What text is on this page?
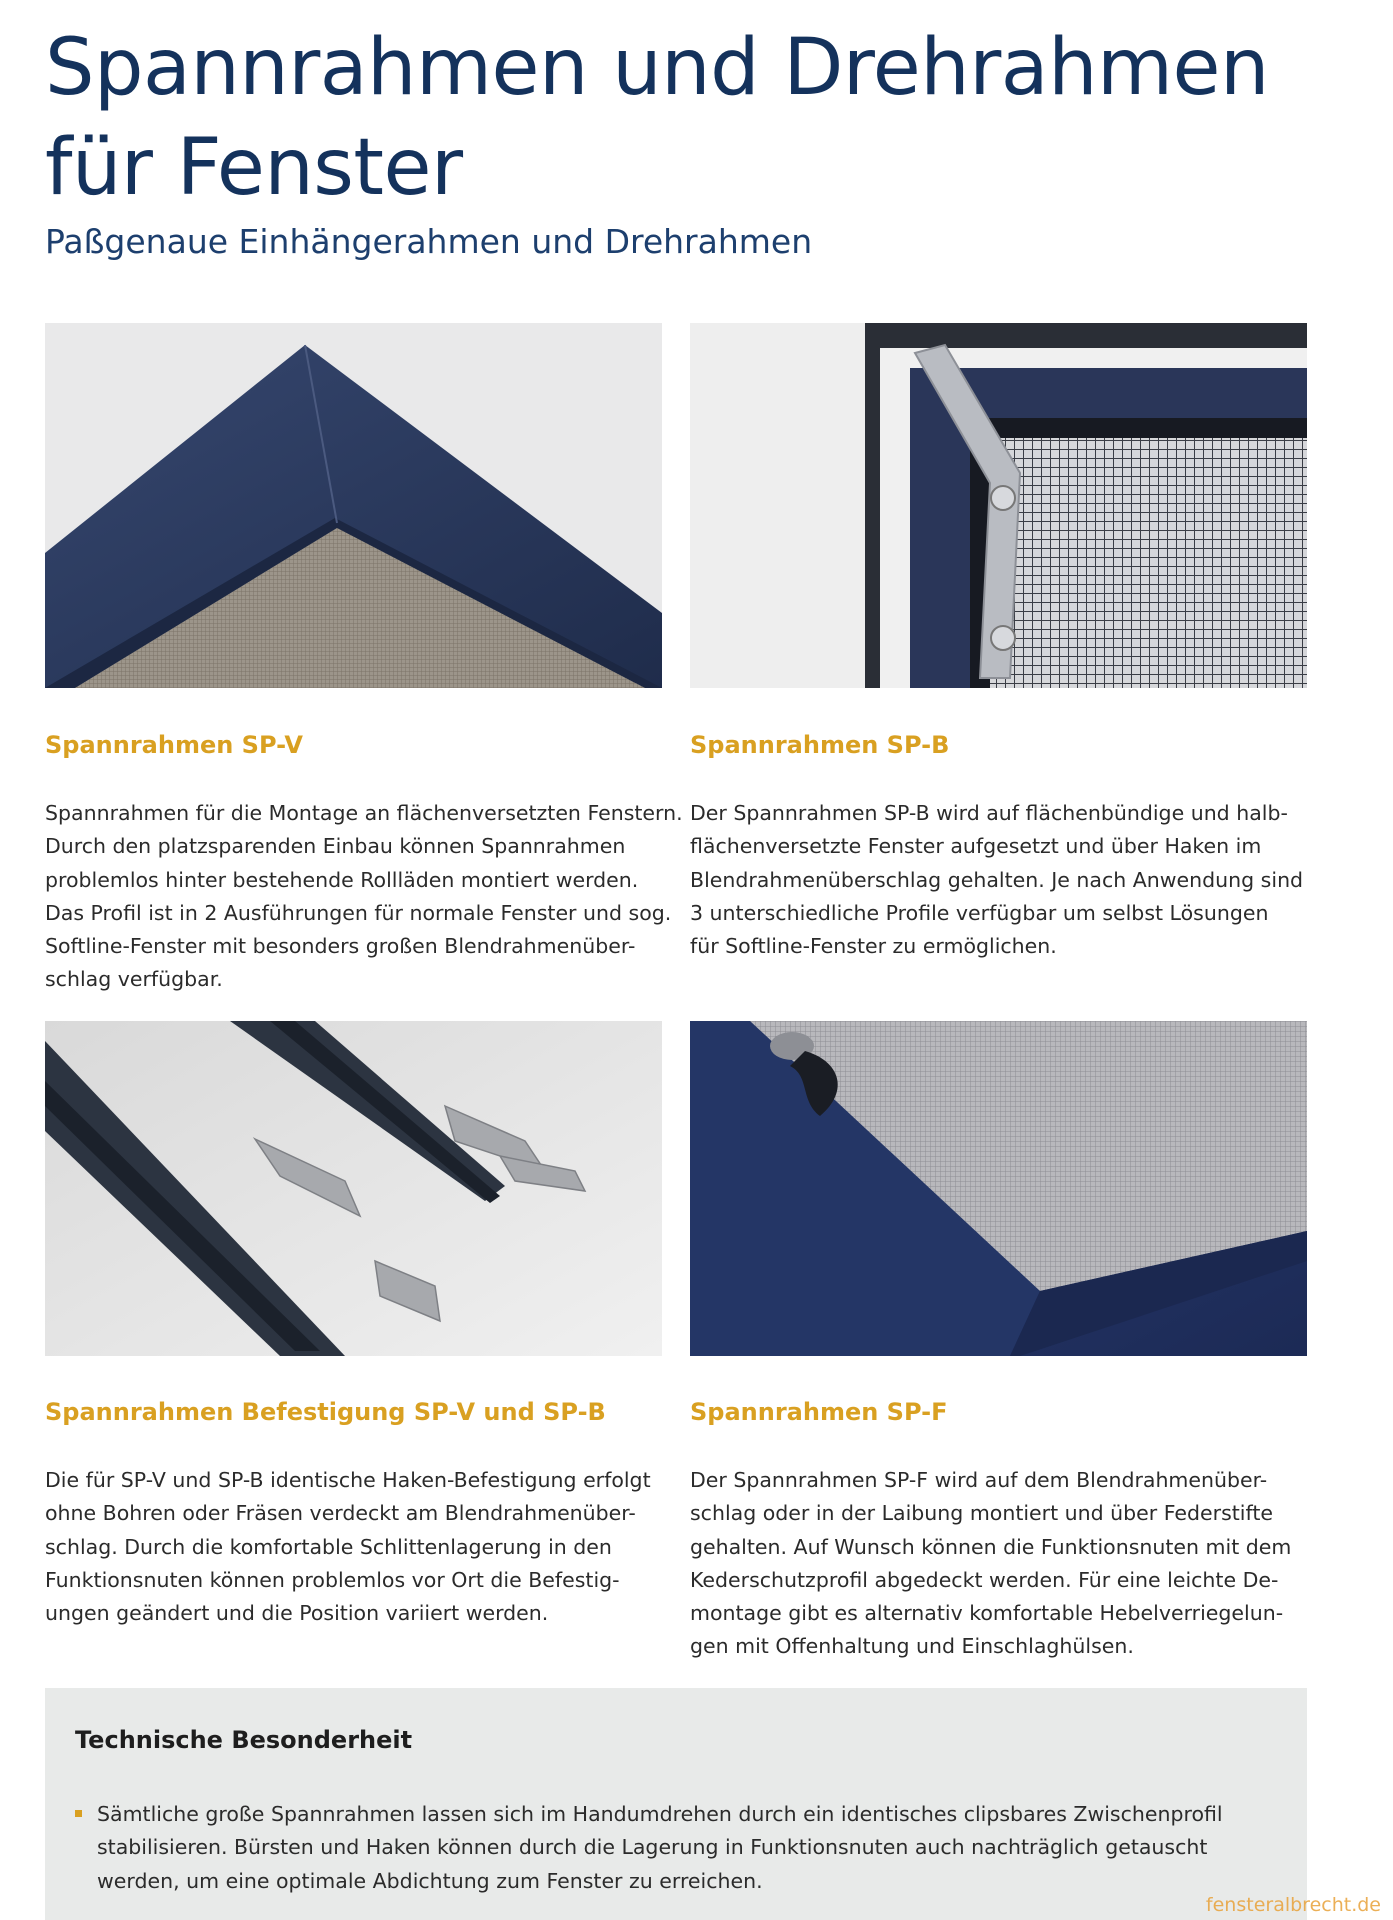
Spannrahmen und Drehrahmen
für Fenster
Paßgenaue Einhängerahmen und Drehrahmen
Spannrahmen SP-V

Spannrahmen für die Montage an flächenversetzten Fenstern.
Durch den platzsparenden Einbau können Spannrahmen
problemlos hinter bestehende Rollläden montiert werden.
Das Profil ist in 2 Ausführungen für normale Fenster und sog.
Softline-Fenster mit besonders großen Blendrahmenüber-
schlag verfügbar.

Spannrahmen SP-B

Der Spannrahmen SP-B wird auf flächenbündige und halb-
flächenversetzte Fenster aufgesetzt und über Haken im
Blendrahmenüberschlag gehalten. Je nach Anwendung sind
3 unterschiedliche Profile verfügbar um selbst Lösungen
für Softline-Fenster zu ermöglichen.

Spannrahmen Befestigung SP-V und SP-B

Die für SP-V und SP-B identische Haken-Befestigung erfolgt
ohne Bohren oder Fräsen verdeckt am Blendrahmenüber-
schlag. Durch die komfortable Schlittenlagerung in den
Funktionsnuten können problemlos vor Ort die Befestig-
ungen geändert und die Position variiert werden.

Spannrahmen SP-F

Der Spannrahmen SP-F wird auf dem Blendrahmenüber-
schlag oder in der Laibung montiert und über Federstifte
gehalten. Auf Wunsch können die Funktionsnuten mit dem
Kederschutzprofil abgedeckt werden. Für eine leichte De-
montage gibt es alternativ komfortable Hebelverriegelun-
gen mit Offenhaltung und Einschlaghülsen.

Technische Besonderheit

Sämtliche große Spannrahmen lassen sich im Handumdrehen durch ein identisches clipsbares Zwischenprofil
stabilisieren. Bürsten und Haken können durch die Lagerung in Funktionsnuten auch nachträglich getauscht
werden, um eine optimale Abdichtung zum Fenster zu erreichen.

fensteralbrecht.de
